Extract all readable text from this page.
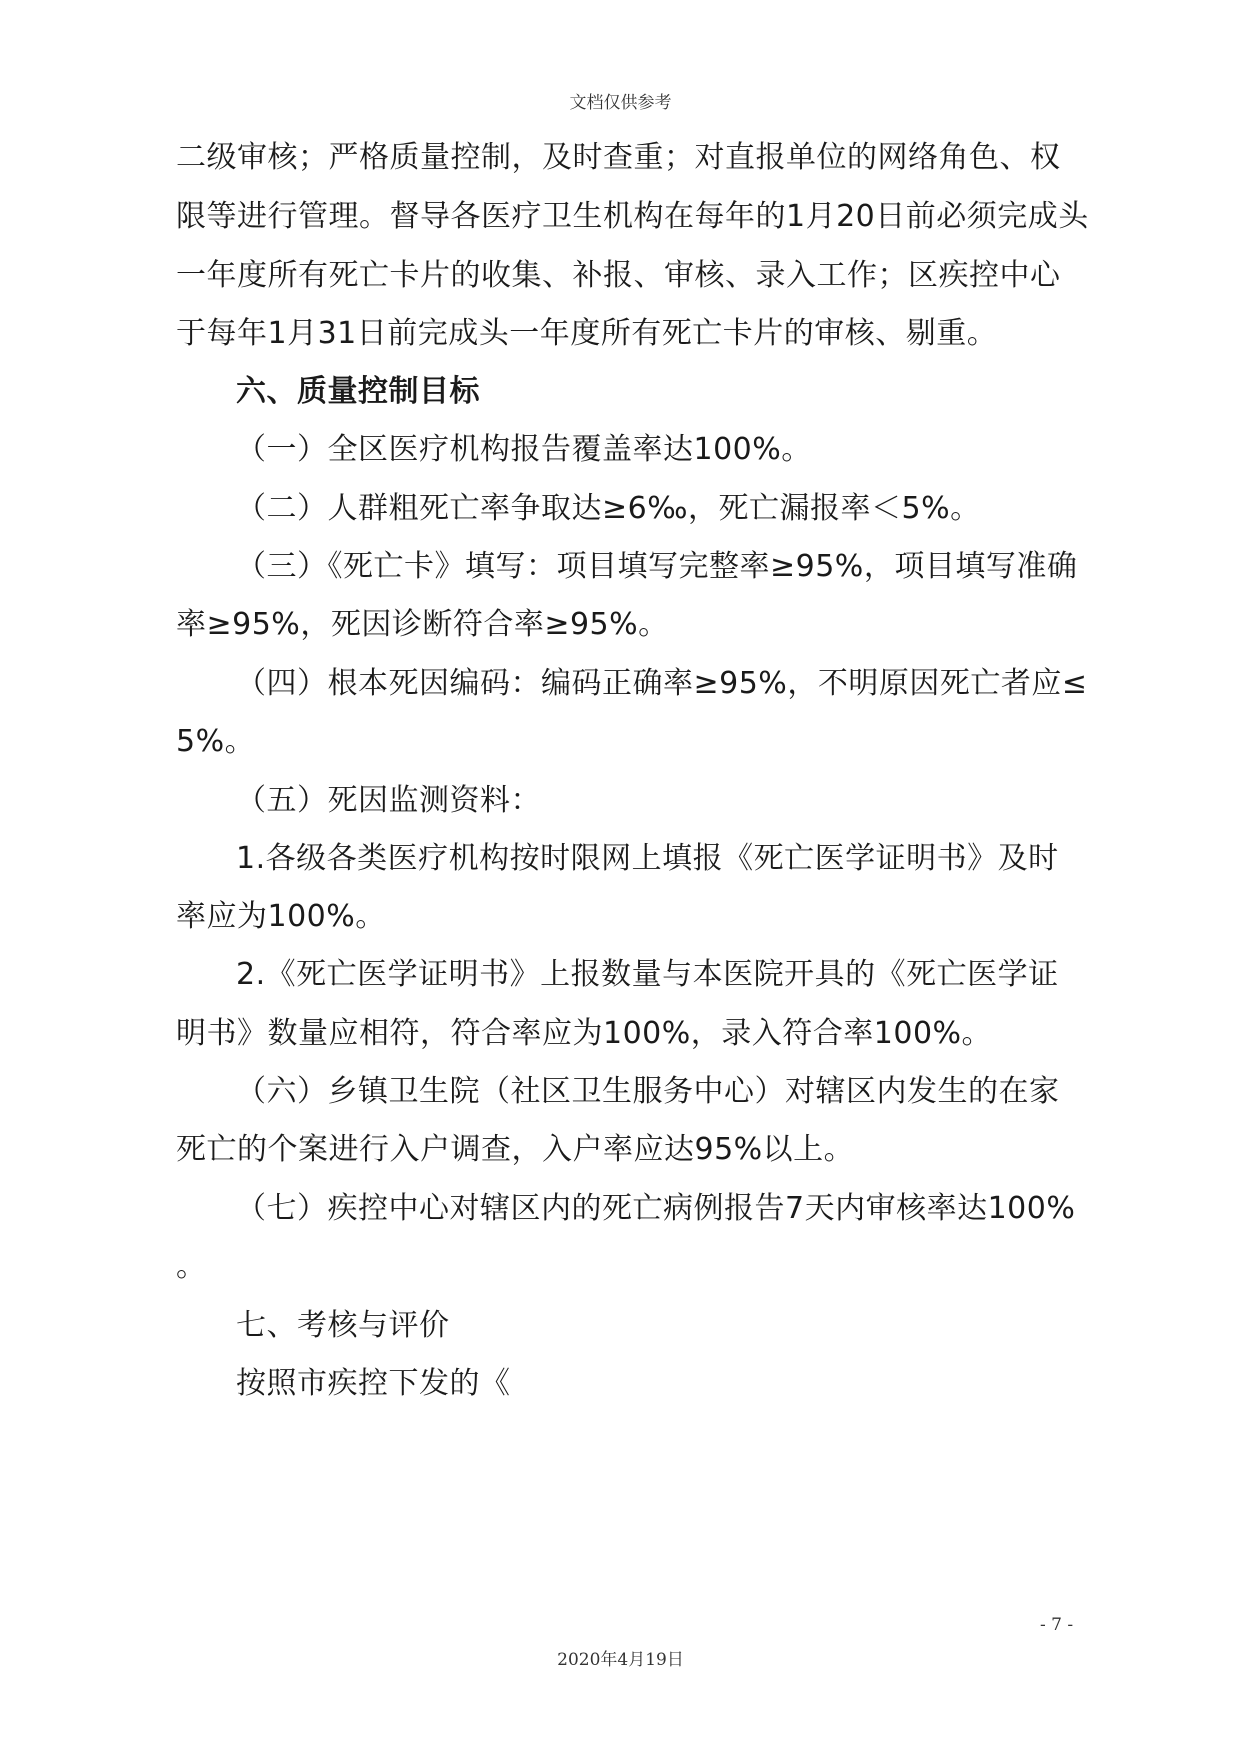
文档仅供参考
二级审核；严格质量控制，及时查重；对直报单位的网络角色、权
限等进行管理。督导各医疗卫生机构在每年的1月20日前必须完成头
一年度所有死亡卡片的收集、补报、审核、录入工作；区疾控中心
于每年1月31日前完成头一年度所有死亡卡片的审核、剔重。
六、质量控制目标
（一）全区医疗机构报告覆盖率达100%。
（二）人群粗死亡率争取达≥6‰，死亡漏报率＜5%。
（三）《死亡卡》填写：项目填写完整率≥95%，项目填写准确
率≥95%，死因诊断符合率≥95%。
（四）根本死因编码：编码正确率≥95%，不明原因死亡者应≤
5%。
（五）死因监测资料：
1.各级各类医疗机构按时限网上填报《死亡医学证明书》及时
率应为100%。
2.《死亡医学证明书》上报数量与本医院开具的《死亡医学证
明书》数量应相符，符合率应为100%，录入符合率100%。
（六）乡镇卫生院（社区卫生服务中心）对辖区内发生的在家
死亡的个案进行入户调查，入户率应达95%以上。
（七）疾控中心对辖区内的死亡病例报告7天内审核率达100%
。
七、考核与评价
按照市疾控下发的《
- 7 -
2020年4月19日
